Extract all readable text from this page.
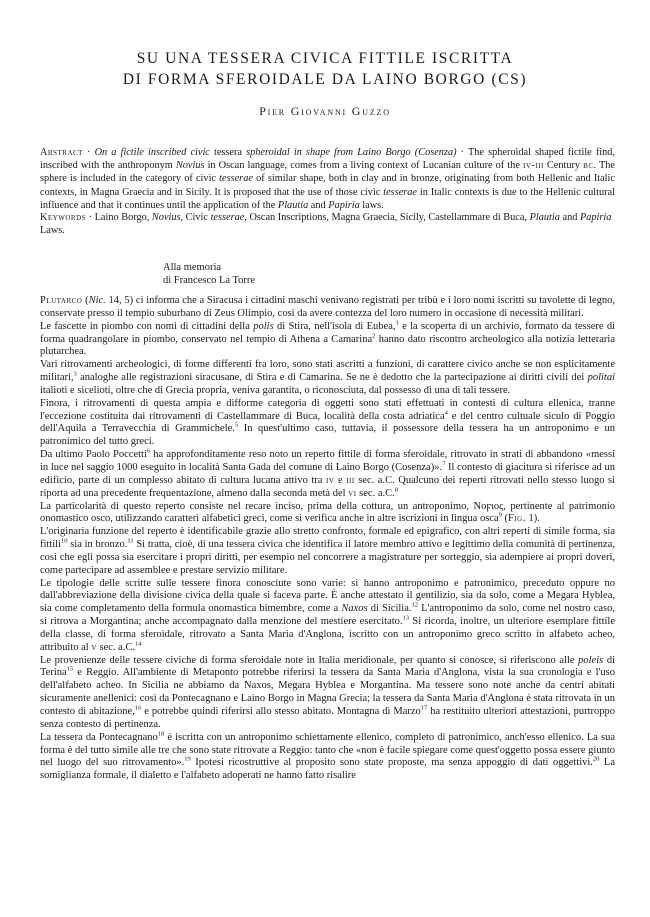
SU UNA TESSERA CIVICA FITTILE ISCRITTA
DI FORMA SFEROIDALE DA LAINO BORGO (CS)
Pier Giovanni Guzzo

Abstract · On a fictile inscribed civic tessera spheroidal in shape from Laino Borgo (Cosenza) · The spheroidal shaped fictile find, inscribed with the anthroponym Novius in Oscan language, comes from a living context of Lucanian culture of the iv-iii Century bc. The sphere is included in the category of civic tesserae of similar shape, both in clay and in bronze, originating from both Hellenic and Italic contexts, in Magna Graecia and in Sicily. It is proposed that the use of those civic tesserae in Italic contexts is due to the Hellenic cultural influence and that it continues until the application of the Plautia and Papiria laws.

Keywords · Laino Borgo, Novius, Civic tesserae, Oscan Inscriptions, Magna Graecia, Sicily, Castellammare di Buca, Plautia and Papiria Laws.

Alla memoria
di Francesco La Torre

Plutarco (Nic. 14, 5) ci informa che a Siracusa i cittadini maschi venivano registrati per tribù e i loro nomi iscritti su tavolette di legno, conservate presso il tempio suburbano di Zeus Olimpio, così da avere contezza del loro numero in occasione di necessità militari.

Le fascette in piombo con nomi di cittadini della polis di Stira, nell'isola di Eubea,$^1$ e la scoperta di un archivio, formato da tessere di forma quadrangolare in piombo, conservato nel tempio di Athena a Camarina$^2$ hanno dato riscontro archeologico alla notizia letteraria plutarchea.

Vari ritrovamenti archeologici, di forme differenti fra loro, sono stati ascritti a funzioni, di carattere civico anche se non esplicitamente militari,$^3$ analoghe alle registrazioni siracusane, di Stira e di Camarina. Se ne è dedotto che la partecipazione ai diritti civili dei politai italioti e sicelioti, oltre che di Grecia propria, veniva garantita, o riconosciuta, dal possesso di una di tali tessere.

Finora, i ritrovamenti di questa ampia e difforme categoria di oggetti sono stati effettuati in contesti di cultura ellenica, tranne l'eccezione costituita dai ritrovamenti di Castellammare di Buca, località della costa adriatica$^4$ e del centro cultuale siculo di Poggio dell'Aquila a Terravecchia di Grammichele.$^5$ In quest'ultimo caso, tuttavia, il possessore della tessera ha un antroponimo e un patronimico del tutto greci.

Da ultimo Paolo Poccetti$^6$ ha approfonditamente reso noto un reperto fittile di forma sferoidale, ritrovato in strati di abbandono «messi in luce nel saggio 1000 eseguito in località Santa Gada del comune di Laino Borgo (Cosenza)».$^7$ Il contesto di giacitura si riferisce ad un edificio, parte di un complesso abitato di cultura lucana attivo tra iv e iii sec. a.C. Qualcuno dei reperti ritrovati nello stesso luogo si riporta ad una precedente frequentazione, almeno dalla seconda metà del vi sec. a.C.$^8$

La particolarità di questo reperto consiste nel recare inciso, prima della cottura, un antroponimo, Νοϝιος, pertinente al patrimonio onomastico osco, utilizzando caratteri alfabetici greci, come si verifica anche in altre iscrizioni in lingua osca$^9$ (Fig. 1).

L'originaria funzione del reperto è identificabile grazie allo stretto confronto, formale ed epigrafico, con altri reperti di simile forma, sia fittili$^{10}$ sia in bronzo.$^{11}$ Si tratta, cioè, di una tessera civica che identifica il latore membro attivo e legittimo della comunità di pertinenza, così che egli possa sia esercitare i propri diritti, per esempio nel concorrere a magistrature per sorteggio, sia adempiere ai propri doveri, come partecipare ad assemblee e prestare servizio militare.

Le tipologie delle scritte sulle tessere finora conosciute sono varie: si hanno antroponimo e patronimico, preceduto oppure no dall'abbreviazione della divisione civica della quale si faceva parte. È anche attestato il gentilizio, sia da solo, come a Megara Hyblea, sia come completamento della formula onomastica bimembre, come a Naxos di Sicilia.$^{12}$ L'antroponimo da solo, come nel nostro caso, si ritrova a Morgantina; anche accompagnato dalla menzione del mestiere esercitato.$^{13}$ Si ricorda, inoltre, un ulteriore esemplare fittile della classe, di forma sferoidale, ritrovato a Santa Maria d'Anglona, iscritto con un antroponimo greco scritto in alfabeto acheo, attribuito al v sec. a.C.$^{14}$

Le provenienze delle tessere civiche di forma sferoidale note in Italia meridionale, per quanto si conosce, si riferiscono alle poleis di Terina$^{15}$ e Reggio. All'ambiente di Metaponto potrebbe riferirsi la tessera da Santa Maria d'Anglona, vista la sua cronologia e l'uso dell'alfabeto acheo. In Sicilia ne abbiamo da Naxos, Megara Hyblea e Morgantina. Ma tessere sono note anche da centri abitati sicuramente anellenici: così da Pontecagnano e Laino Borgo in Magna Grecia; la tessera da Santa Maria d'Anglona è stata ritrovata in un contesto di abitazione,$^{16}$ e potrebbe quindi riferirsi allo stesso abitato. Montagna di Marzo$^{17}$ ha restituito ulteriori attestazioni, purtroppo senza contesto di pertinenza.

La tessera da Pontecagnano$^{18}$ è iscritta con un antroponimo schiettamente ellenico, completo di patronimico, anch'esso ellenico. La sua forma è del tutto simile alle tre che sono state ritrovate a Reggio: tanto che «non è facile spiegare come quest'oggetto possa essere giunto nel luogo del suo ritrovamento».$^{19}$ Ipotesi ricostruttive al proposito sono state proposte, ma senza appoggio di dati oggettivi.$^{20}$ La somiglianza formale, il dialetto e l'alfabeto adoperati ne hanno fatto risalire
